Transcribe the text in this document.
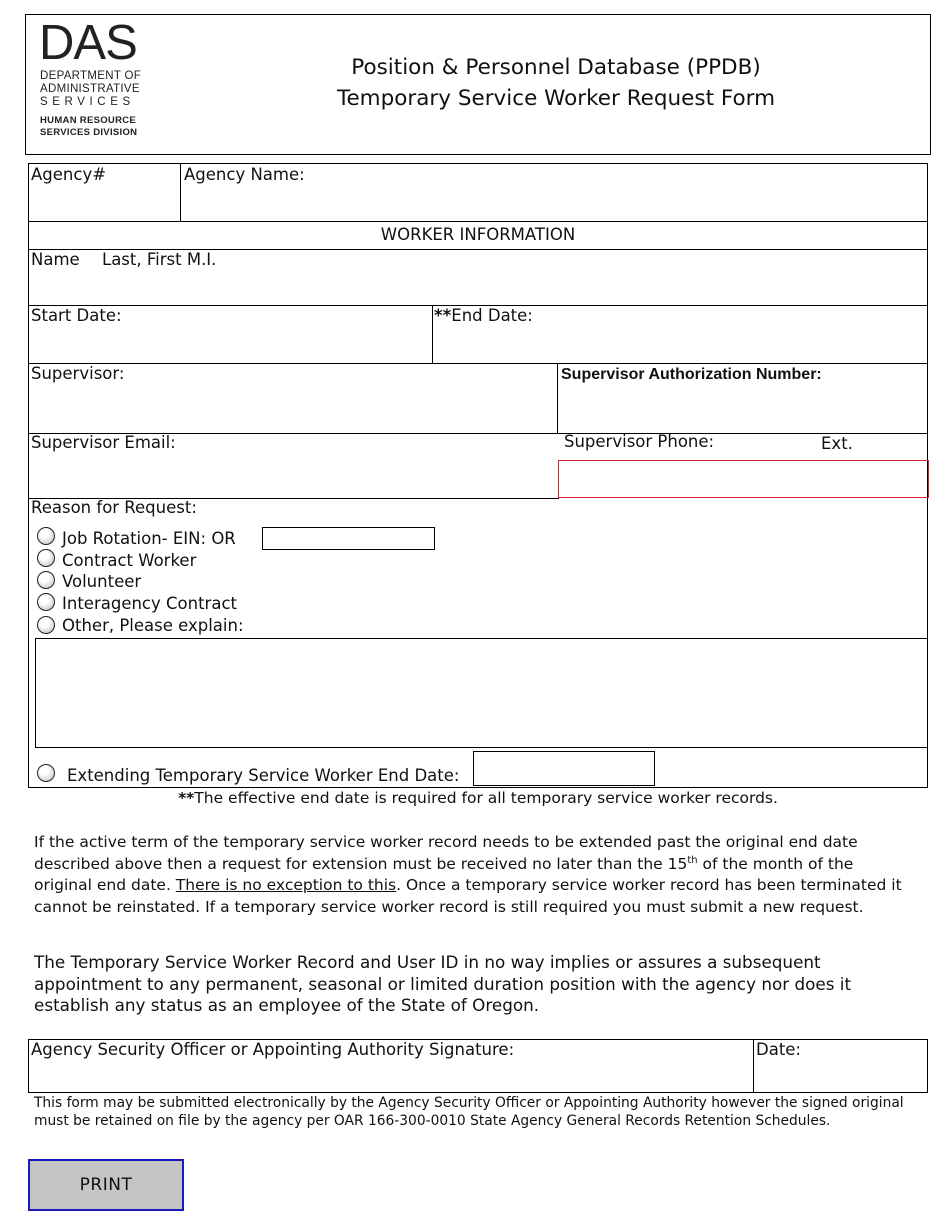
DAS
DEPARTMENT OF
ADMINISTRATIVE
SERVICES
HUMAN RESOURCE
SERVICES DIVISION
Position & Personnel Database (PPDB)
Temporary Service Worker Request Form
Agency#	Agency Name:
WORKER INFORMATION
Name Last, First M.I.
Start Date:	**End Date:
Supervisor:	Supervisor Authorization Number:
Supervisor Email:	Supervisor Phone:	Ext.
Reason for Request:
Job Rotation- EIN: OR
Contract Worker
Volunteer
Interagency Contract
Other, Please explain:
Extending Temporary Service Worker End Date:
**The effective end date is required for all temporary service worker records.
If the active term of the temporary service worker record needs to be extended past the original end date described above then a request for extension must be received no later than the 15th of the month of the original end date. There is no exception to this. Once a temporary service worker record has been terminated it cannot be reinstated. If a temporary service worker record is still required you must submit a new request.
The Temporary Service Worker Record and User ID in no way implies or assures a subsequent appointment to any permanent, seasonal or limited duration position with the agency nor does it establish any status as an employee of the State of Oregon.
Agency Security Officer or Appointing Authority Signature:	Date:
This form may be submitted electronically by the Agency Security Officer or Appointing Authority however the signed original must be retained on file by the agency per OAR 166-300-0010 State Agency General Records Retention Schedules.
PRINT
